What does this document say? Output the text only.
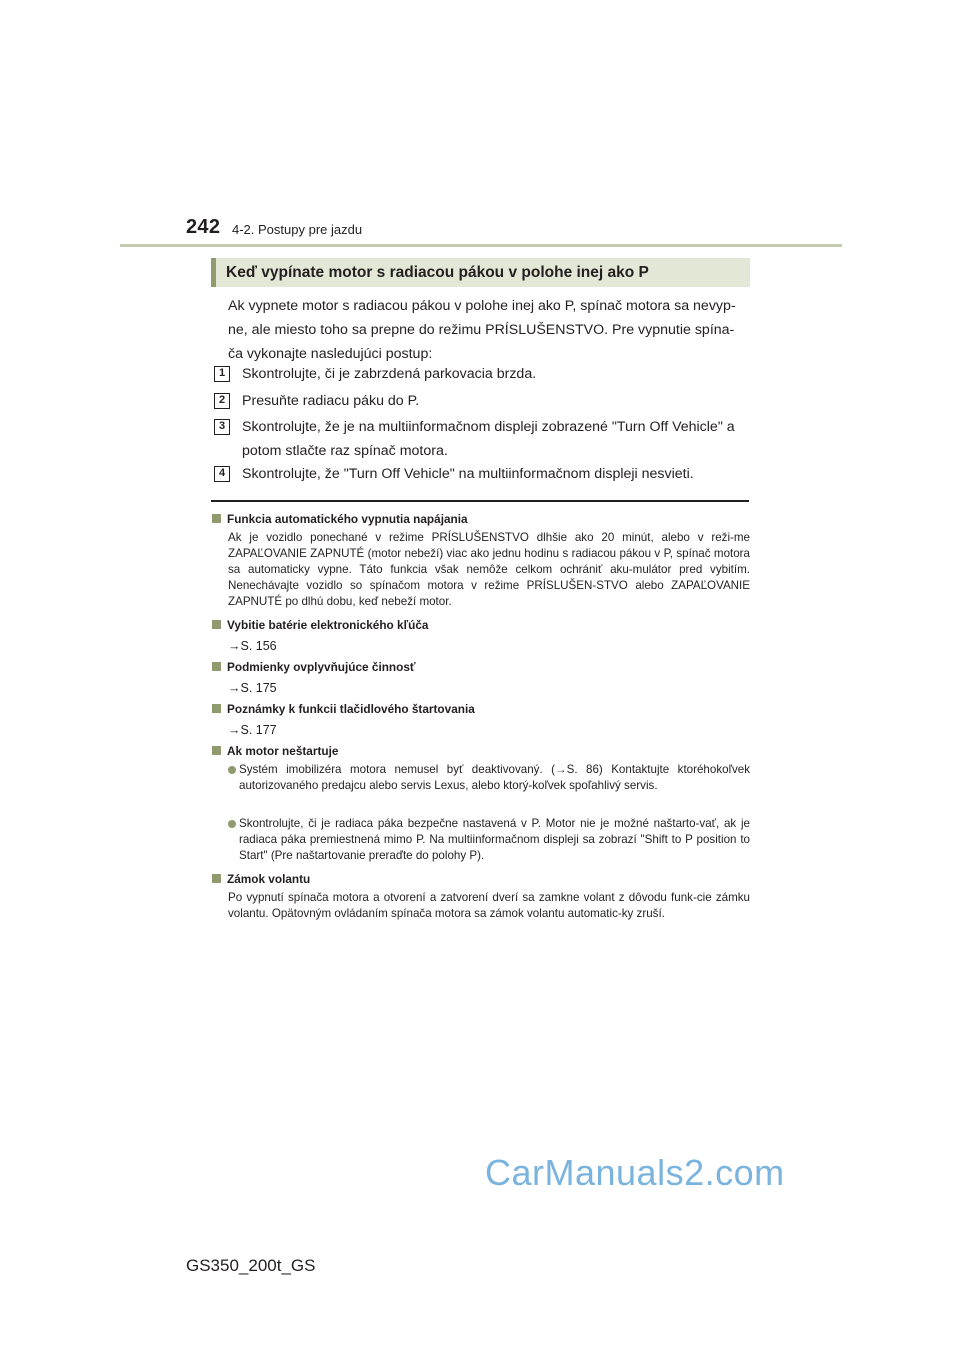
242 4-2. Postupy pre jazdu
Keď vypínate motor s radiacou pákou v polohe inej ako P
Ak vypnete motor s radiacou pákou v polohe inej ako P, spínač motora sa nevyp-ne, ale miesto toho sa prepne do režimu PRÍSLUŠENSTVO. Pre vypnutie spína-ča vykonajte nasledujúci postup:
1	Skontrolujte, či je zabrzdená parkovacia brzda.
2	Presuňte radiacu páku do P.
3	Skontrolujte, že je na multiinformačnom displeji zobrazené "Turn Off Vehicle" a potom stlačte raz spínač motora.
4	Skontrolujte, že "Turn Off Vehicle" na multiinformačnom displeji nesvieti.
Funkcia automatického vypnutia napájania
Ak je vozidlo ponechané v režime PRÍSLUŠENSTVO dlhšie ako 20 minút, alebo v reži-me ZAPAĽOVANIE ZAPNUTÉ (motor nebeží) viac ako jednu hodinu s radiacou pákou v P, spínač motora sa automaticky vypne. Táto funkcia však nemôže celkom ochrániť aku-mulátor pred vybitím. Nenechávajte vozidlo so spínačom motora v režime PRÍSLUŠEN-STVO alebo ZAPAĽOVANIE ZAPNUTÉ po dlhú dobu, keď nebeží motor.
Vybitie batérie elektronického kľúča
→S. 156
Podmienky ovplyvňujúce činnosť
→S. 175
Poznámky k funkcii tlačidlového štartovania
→S. 177
Ak motor neštartuje
Systém imobilizéra motora nemusel byť deaktivovaný. (→S. 86) Kontaktujte ktoréhokoľvek autorizovaného predajcu alebo servis Lexus, alebo ktorý-koľvek spoľahlivý servis.
Skontrolujte, či je radiaca páka bezpečne nastavená v P. Motor nie je možné naštarto-vať, ak je radiaca páka premiestnená mimo P. Na multiinformačnom displeji sa zobrazí "Shift to P position to Start" (Pre naštartovanie preraďte do polohy P).
Zámok volantu
Po vypnutí spínača motora a otvorení a zatvorení dverí sa zamkne volant z dôvodu funk-cie zámku volantu. Opätovným ovládaním spínača motora sa zámok volantu automatic-ky zruší.
CarManuals2.com
GS350_200t_GS
